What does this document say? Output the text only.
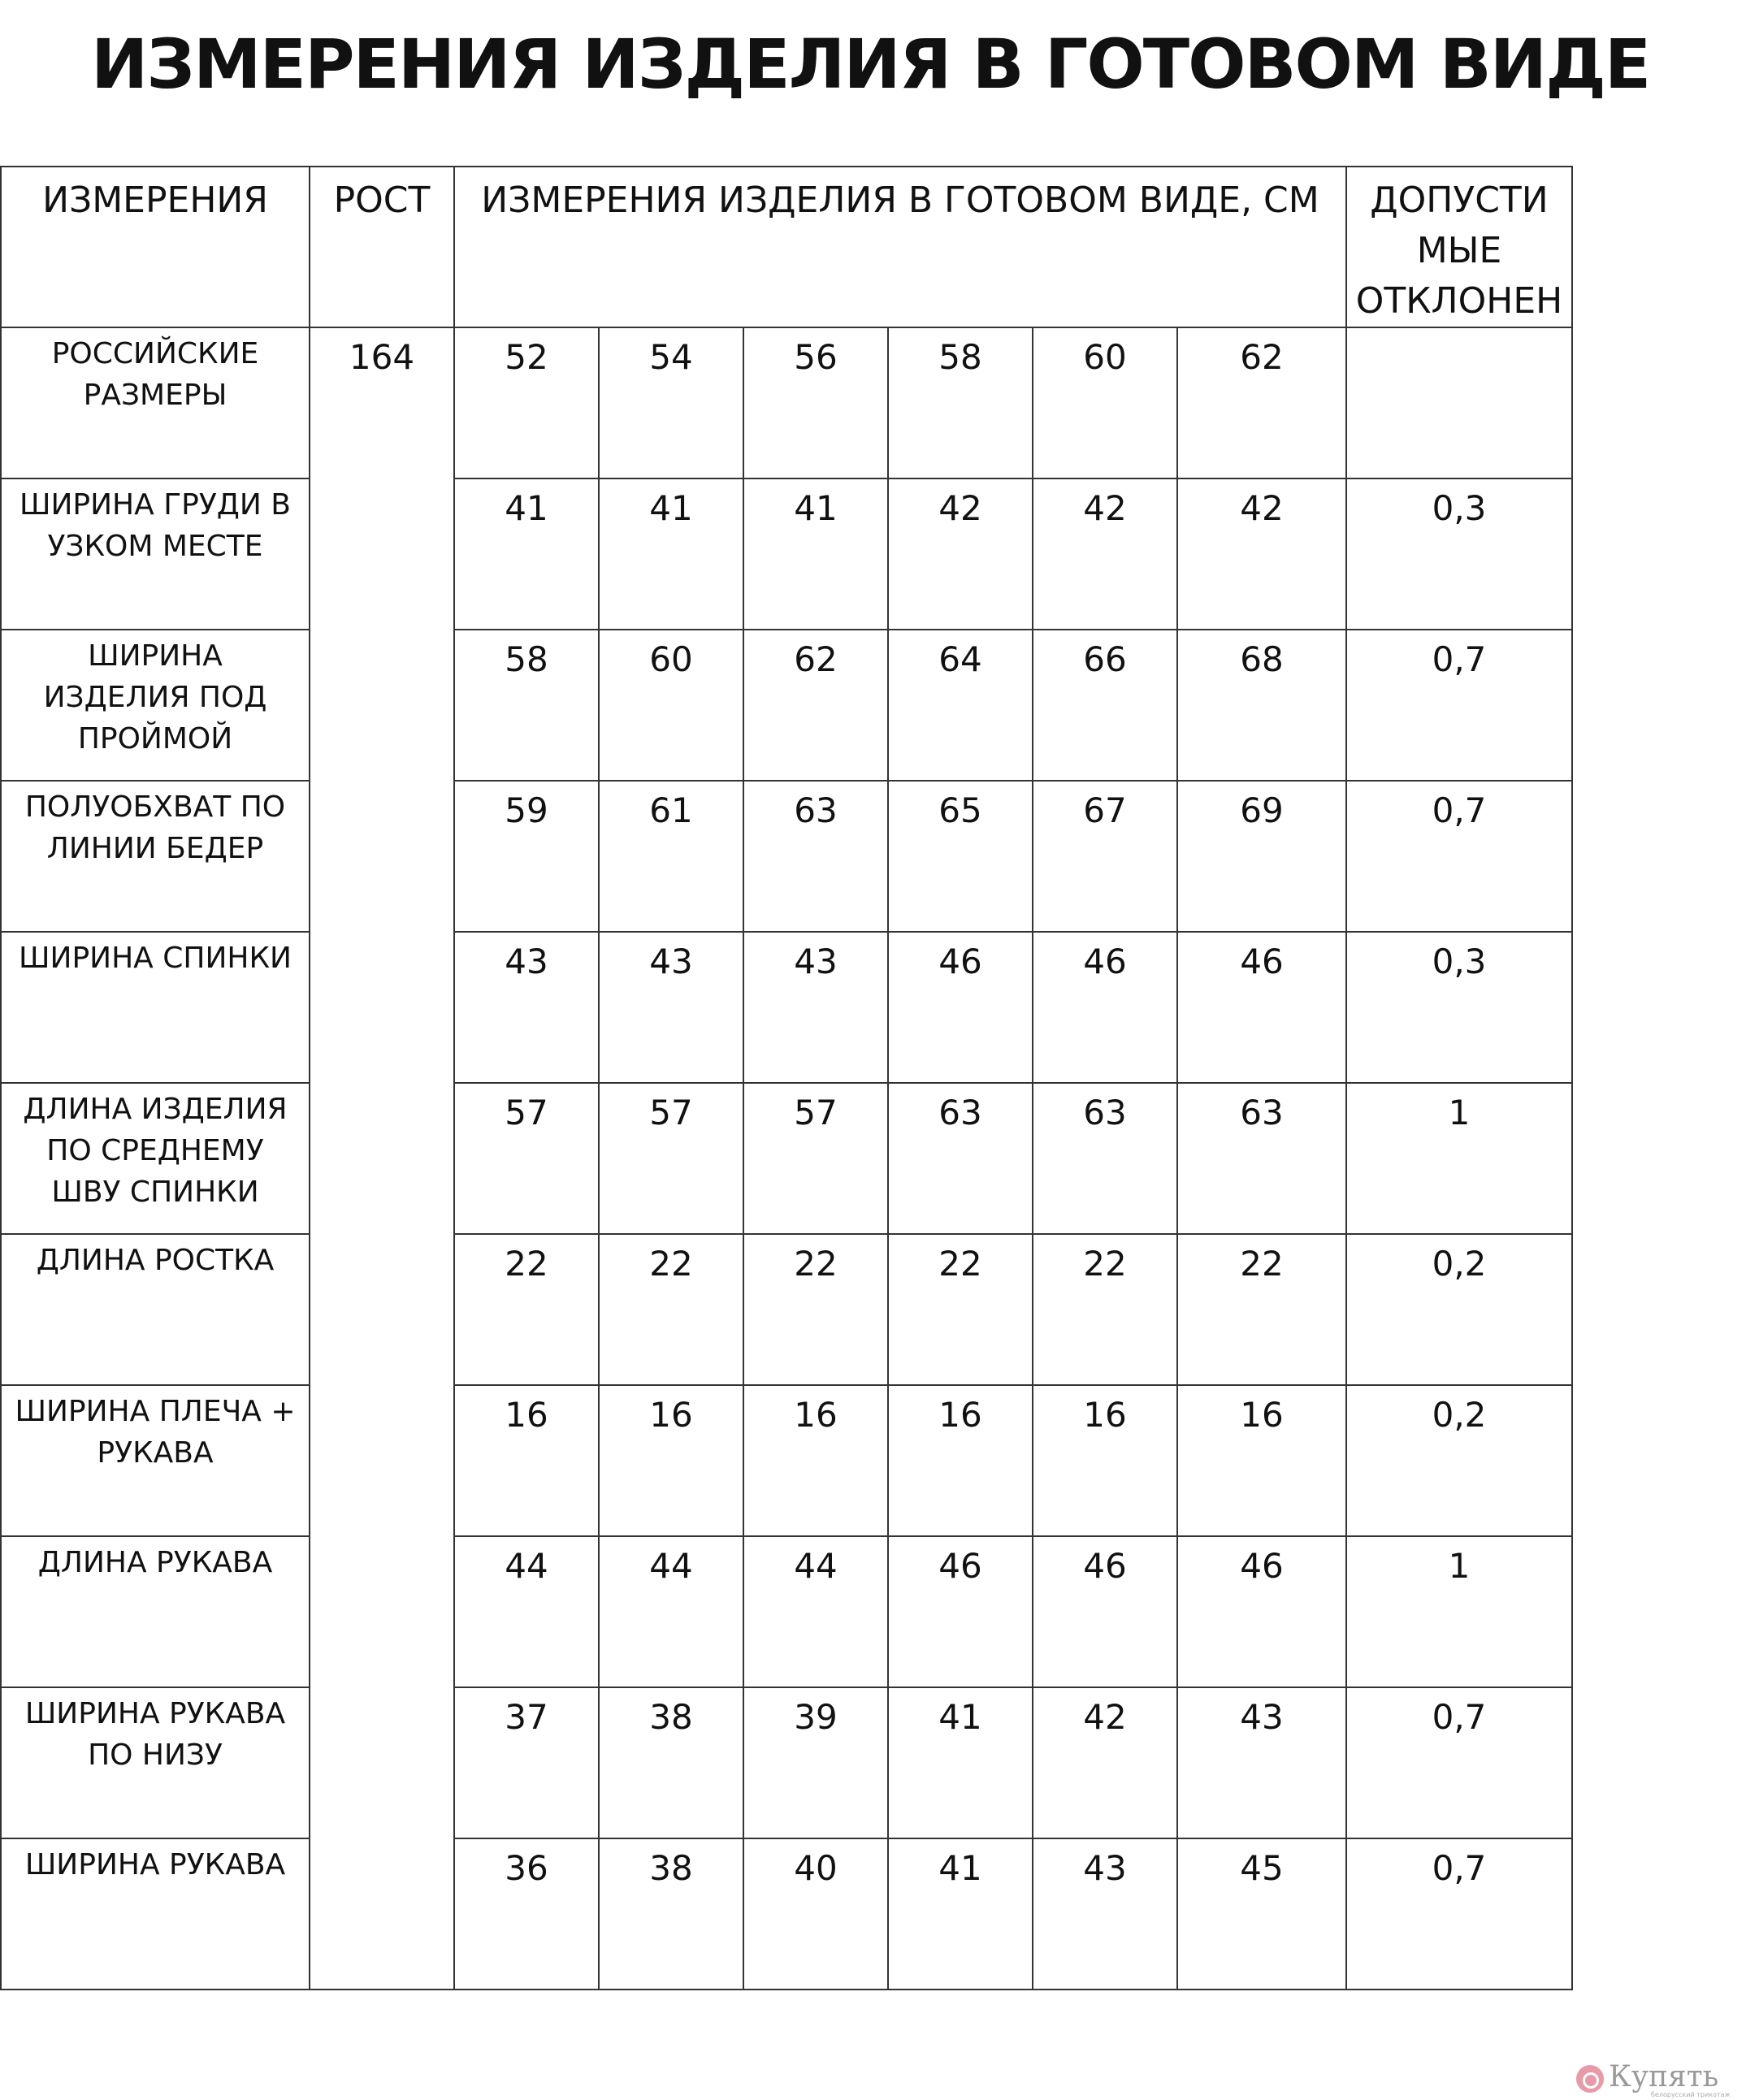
ИЗМЕРЕНИЯ ИЗДЕЛИЯ В ГОТОВОМ ВИДЕ
ИЗМЕРЕНИЯ	РОСТ	ИЗМЕРЕНИЯ ИЗДЕЛИЯ В ГОТОВОМ ВИДЕ, СМ						ДОПУСТИ
МЫЕ
ОТКЛОНЕН

РОССИЙСКИЕ
РАЗМЕРЫ	164	52	54	56	58	60	62	

ШИРИНА ГРУДИ В
УЗКОМ МЕСТЕ		41	41	41	42	42	42	0,3

ШИРИНА
ИЗДЕЛИЯ ПОД
ПРОЙМОЙ		58	60	62	64	66	68	0,7

ПОЛУОБХВАТ ПО
ЛИНИИ БЕДЕР		59	61	63	65	67	69	0,7

ШИРИНА СПИНКИ		43	43	43	46	46	46	0,3

ДЛИНА ИЗДЕЛИЯ
ПО СРЕДНЕМУ
ШВУ СПИНКИ		57	57	57	63	63	63	1

ДЛИНА РОСТКА		22	22	22	22	22	22	0,2

ШИРИНА ПЛЕЧА +
РУКАВА		16	16	16	16	16	16	0,2

ДЛИНА РУКАВА		44	44	44	46	46	46	1

ШИРИНА РУКАВА
ПО НИЗУ		37	38	39	41	42	43	0,7

ШИРИНА РУКАВА		36	38	40	41	43	45	0,7
Купять
белорусский трикотаж
